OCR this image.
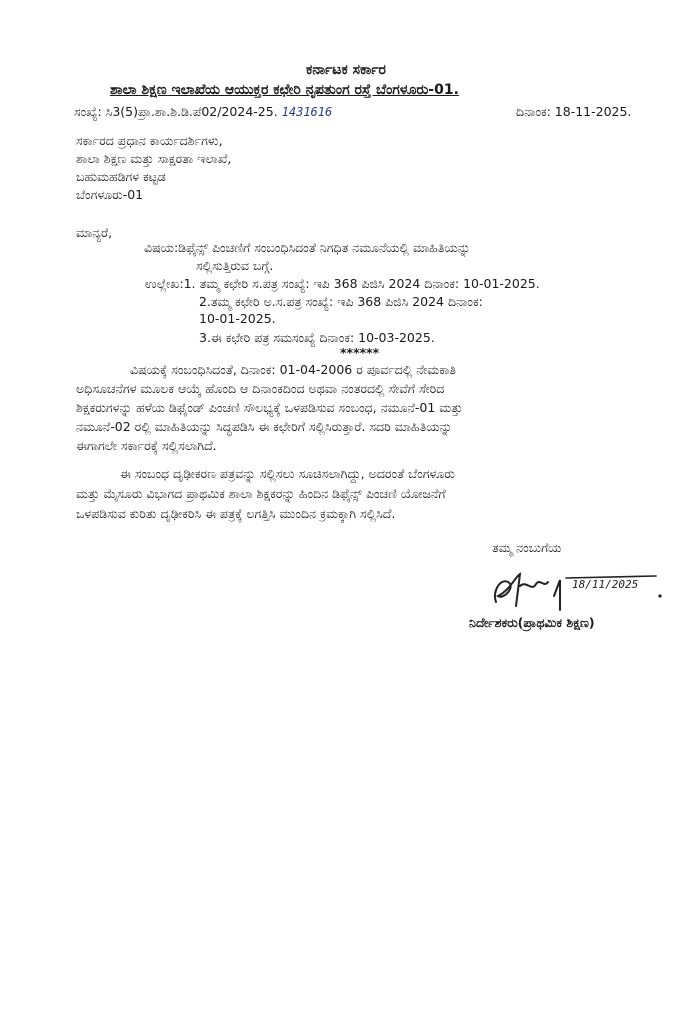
ಕರ್ನಾಟಕ ಸರ್ಕಾರ
ಶಾಲಾ ಶಿಕ್ಷಣ ಇಲಾಖೆಯ ಆಯುಕ್ತರ ಕಛೇರಿ ನೃಪತುಂಗ ರಸ್ತೆ ಬೆಂಗಳೂರು-01.
ಸಂಖ್ಯೆ: ಸಿ3(5)ಪ್ರಾ.ಶಾ.ಶಿ.ಡಿ.ಪೆ02/2024-25. 1431616	ದಿನಾಂಕ: 18-11-2025.
ಸರ್ಕಾರದ ಪ್ರಧಾನ ಕಾರ್ಯದರ್ಶಿಗಳು,
ಶಾಲಾ ಶಿಕ್ಷಣ ಮತ್ತು ಸಾಕ್ಷರತಾ ಇಲಾಖೆ,
ಬಹುಮಹಡಿಗಳ ಕಟ್ಟಡ
ಬೆಂಗಳೂರು-01
ಮಾನ್ಯರೆ,
ವಿಷಯ:ಡಿಫೈನ್ಸ್ ಪಿಂಚಣಿಗೆ ಸಂಬಂಧಿಸಿದಂತೆ ನಿಗಧಿತ ನಮೂನೆಯಲ್ಲಿ ಮಾಹಿತಿಯನ್ನು
ಸಲ್ಲಿಸುತ್ತಿರುವ ಬಗ್ಗೆ.
ಉಲ್ಲೇಖ:1. ತಮ್ಮ ಕಛೇರಿ ಸ.ಪತ್ರ ಸಂಖ್ಯೆ: ಇಪಿ 368 ಪಿಜಿಸಿ 2024 ದಿನಾಂಕ: 10-01-2025.
2.ತಮ್ಮ ಕಛೇರಿ ಅ.ಸ.ಪತ್ರ ಸಂಖ್ಯೆ: ಇಪಿ 368 ಪಿಜಿಸಿ 2024 ದಿನಾಂಕ:
10-01-2025.
3.ಈ ಕಛೇರಿ ಪತ್ರ ಸಮಸಂಖ್ಯೆ ದಿನಾಂಕ: 10-03-2025.
******
ವಿಷಯಕ್ಕೆ ಸಂಬಂಧಿಸಿದಂತೆ, ದಿನಾಂಕ: 01-04-2006 ರ ಪೂರ್ವದಲ್ಲಿ ನೇಮಕಾತಿ
ಅಧಿಸೂಚನೆಗಳ ಮೂಲಕ ಆಯ್ಕೆ ಹೊಂದಿ ಆ ದಿನಾಂಕದಿಂದ ಅಥವಾ ನಂತರದಲ್ಲಿ ಸೇವೆಗೆ ಸೇರಿದ
ಶಿಕ್ಷಕರುಗಳನ್ನು ಹಳೆಯ ಡಿಫೈಂಡ್ ಪಿಂಚಣಿ ಸೌಲಭ್ಯಕ್ಕೆ ಒಳಪಡಿಸುವ ಸಂಬಂಧ, ನಮೂನೆ-01 ಮತ್ತು
ನಮೂನೆ-02 ರಲ್ಲಿ ಮಾಹಿತಿಯನ್ನು ಸಿದ್ಧಪಡಿಸಿ ಈ ಕಛೇರಿಗೆ ಸಲ್ಲಿಸಿರುತ್ತಾರೆ. ಸದರಿ ಮಾಹಿತಿಯನ್ನು
ಈಗಾಗಲೇ ಸರ್ಕಾರಕ್ಕೆ ಸಲ್ಲಿಸಲಾಗಿದೆ.
ಈ ಸಂಬಂಧ ದೃಢೀಕರಣ ಪತ್ರವನ್ನು ಸಲ್ಲಿಸಲು ಸೂಚಿಸಲಾಗಿದ್ದು, ಅದರಂತೆ ಬೆಂಗಳೂರು
ಮತ್ತು ಮೈಸೂರು ವಿಭಾಗದ ಪ್ರಾಥಮಿಕ ಶಾಲಾ ಶಿಕ್ಷಕರನ್ನು ಹಿಂದಿನ ಡಿಫೈನ್ಸ್ ಪಿಂಚಣಿ ಯೋಜನೆಗೆ
ಒಳಪಡಿಸುವ ಕುರಿತು ದೃಢೀಕರಿಸಿ ಈ ಪತ್ರಕ್ಕೆ ಲಗತ್ತಿಸಿ ಮುಂದಿನ ಕ್ರಮಕ್ಕಾಗಿ ಸಲ್ಲಿಸಿದೆ.
ತಮ್ಮ ನಂಬುಗೆಯ
18/11/2025
ನಿರ್ದೇಶಕರು(ಪ್ರಾಥಮಿಕ ಶಿಕ್ಷಣ)
